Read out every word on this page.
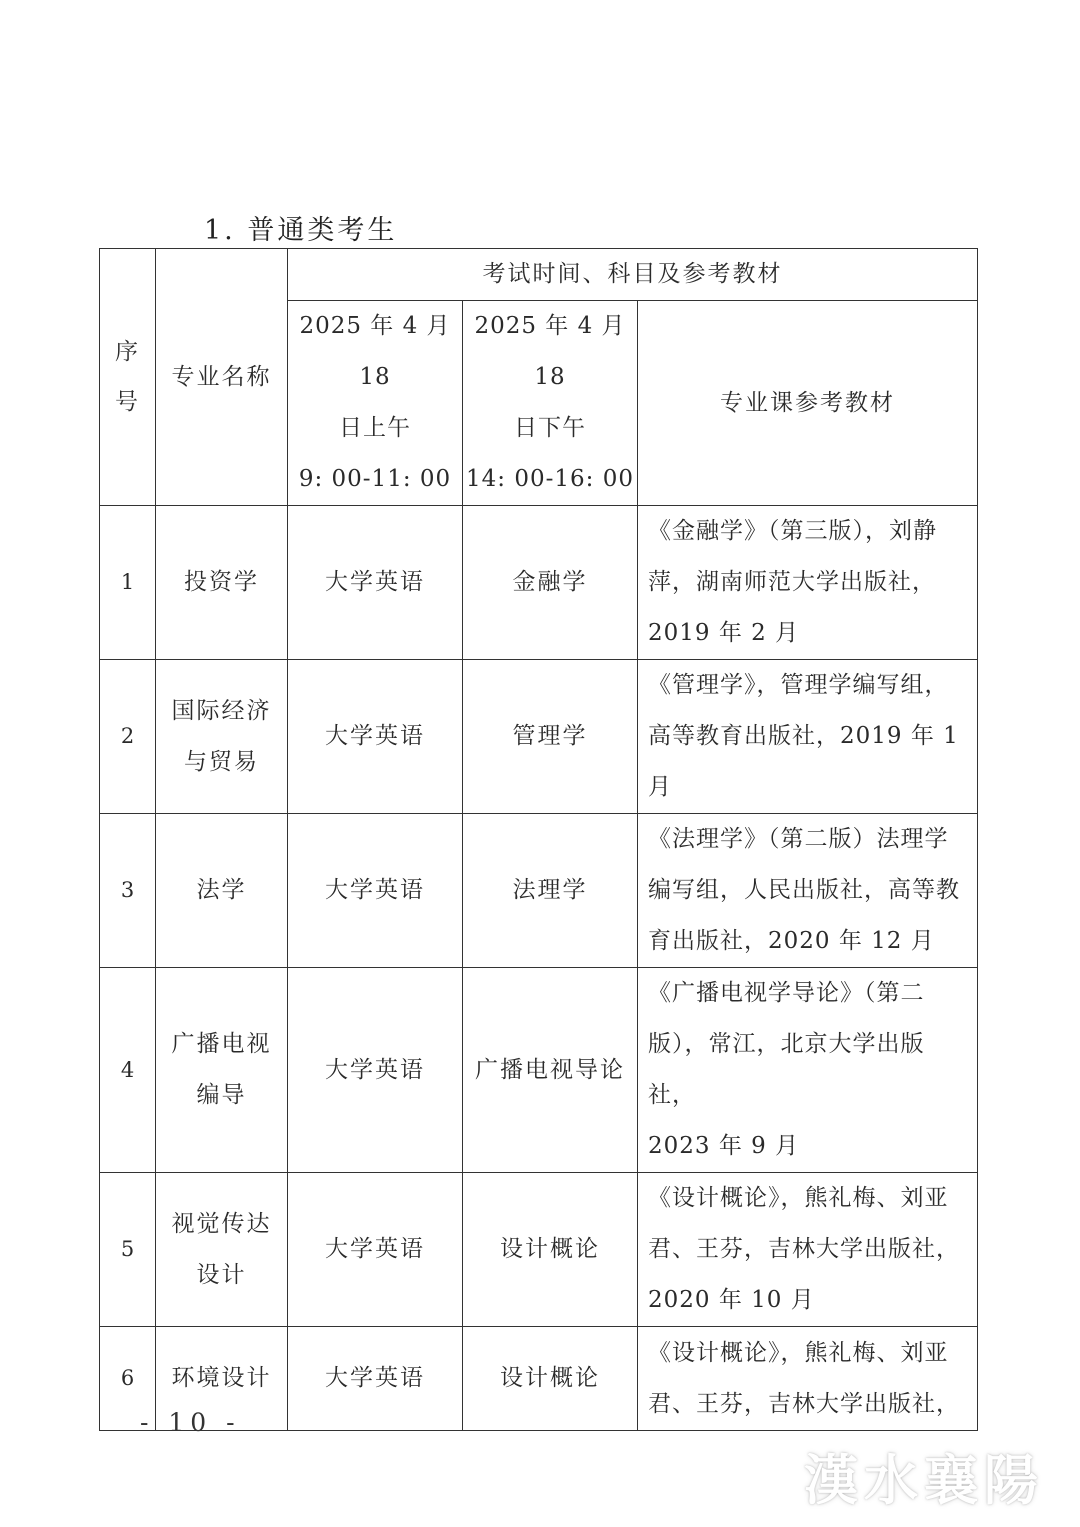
1. 普通类考生
序
号	专业名称	考试时间、科目及参考教材		
		2025 年 4 月 18
日上午
9: 00-11: 00	2025 年 4 月 18
日下午
14: 00-16: 00	专业课参考教材
1	投资学	大学英语	金融学	《金融学》（第三版），刘静
萍，湖南师范大学出版社，
2019 年 2 月
2	国际经济
与贸易	大学英语	管理学	《管理学》，管理学编写组，
高等教育出版社，2019 年 1
月
3	法学	大学英语	法理学	《法理学》（第二版）法理学
编写组，人民出版社，高等教
育出版社，2020 年 12 月
4	广播电视
编导	大学英语	广播电视导论	《广播电视学导论》（第二
版），常江，北京大学出版社，
2023 年 9 月
5	视觉传达
设计	大学英语	设计概论	《设计概论》，熊礼梅、刘亚
君、王芬，吉林大学出版社，
2020 年 10 月
6	环境设计	大学英语	设计概论	《设计概论》，熊礼梅、刘亚
君、王芬，吉林大学出版社，
- 10 -
漢水襄陽
